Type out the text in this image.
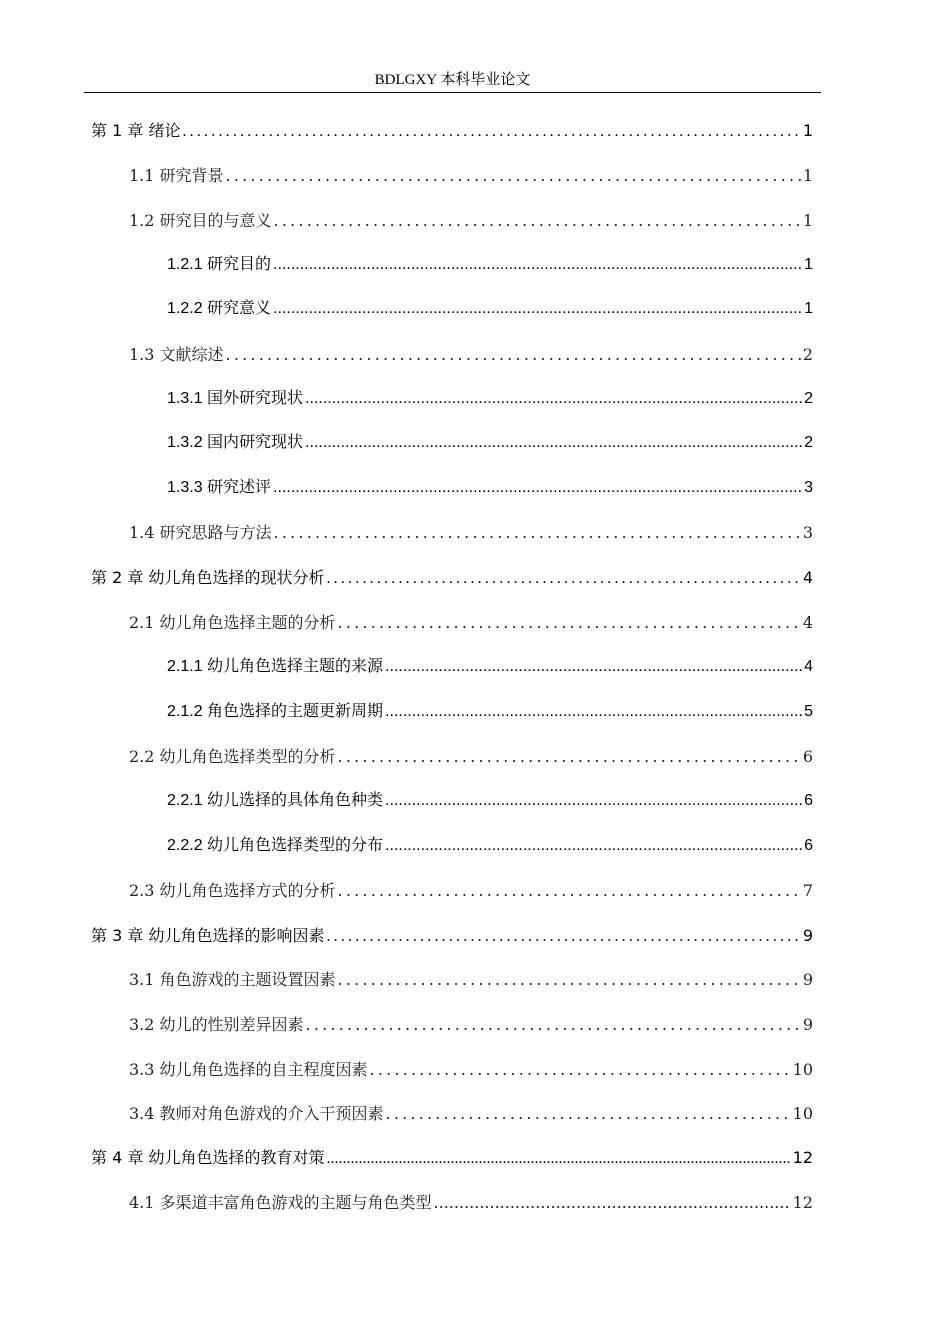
BDLGXY 本科毕业论文
第 1 章 绪论 .....	1
1.1 研究背景 .....	1
1.2 研究目的与意义 .....	1
1.2.1 研究目的 .....	1
1.2.2 研究意义 .....	1
1.3 文献综述 .....	2
1.3.1 国外研究现状 .....	2
1.3.2 国内研究现状 .....	2
1.3.3 研究述评 .....	3
1.4 研究思路与方法 .....	3
第 2 章 幼儿角色选择的现状分析 .....	4
2.1 幼儿角色选择主题的分析 .....	4
2.1.1 幼儿角色选择主题的来源 .....	4
2.1.2 角色选择的主题更新周期 .....	5
2.2 幼儿角色选择类型的分析 .....	6
2.2.1 幼儿选择的具体角色种类 .....	6
2.2.2 幼儿角色选择类型的分布 .....	6
2.3 幼儿角色选择方式的分析 .....	7
第 3 章 幼儿角色选择的影响因素 .....	9
3.1 角色游戏的主题设置因素 .....	9
3.2 幼儿的性别差异因素 .....	9
3.3 幼儿角色选择的自主程度因素 .....	10
3.4 教师对角色游戏的介入干预因素 .....	10
第 4 章 幼儿角色选择的教育对策 .....	12
4.1 多渠道丰富角色游戏的主题与角色类型 .....	12
